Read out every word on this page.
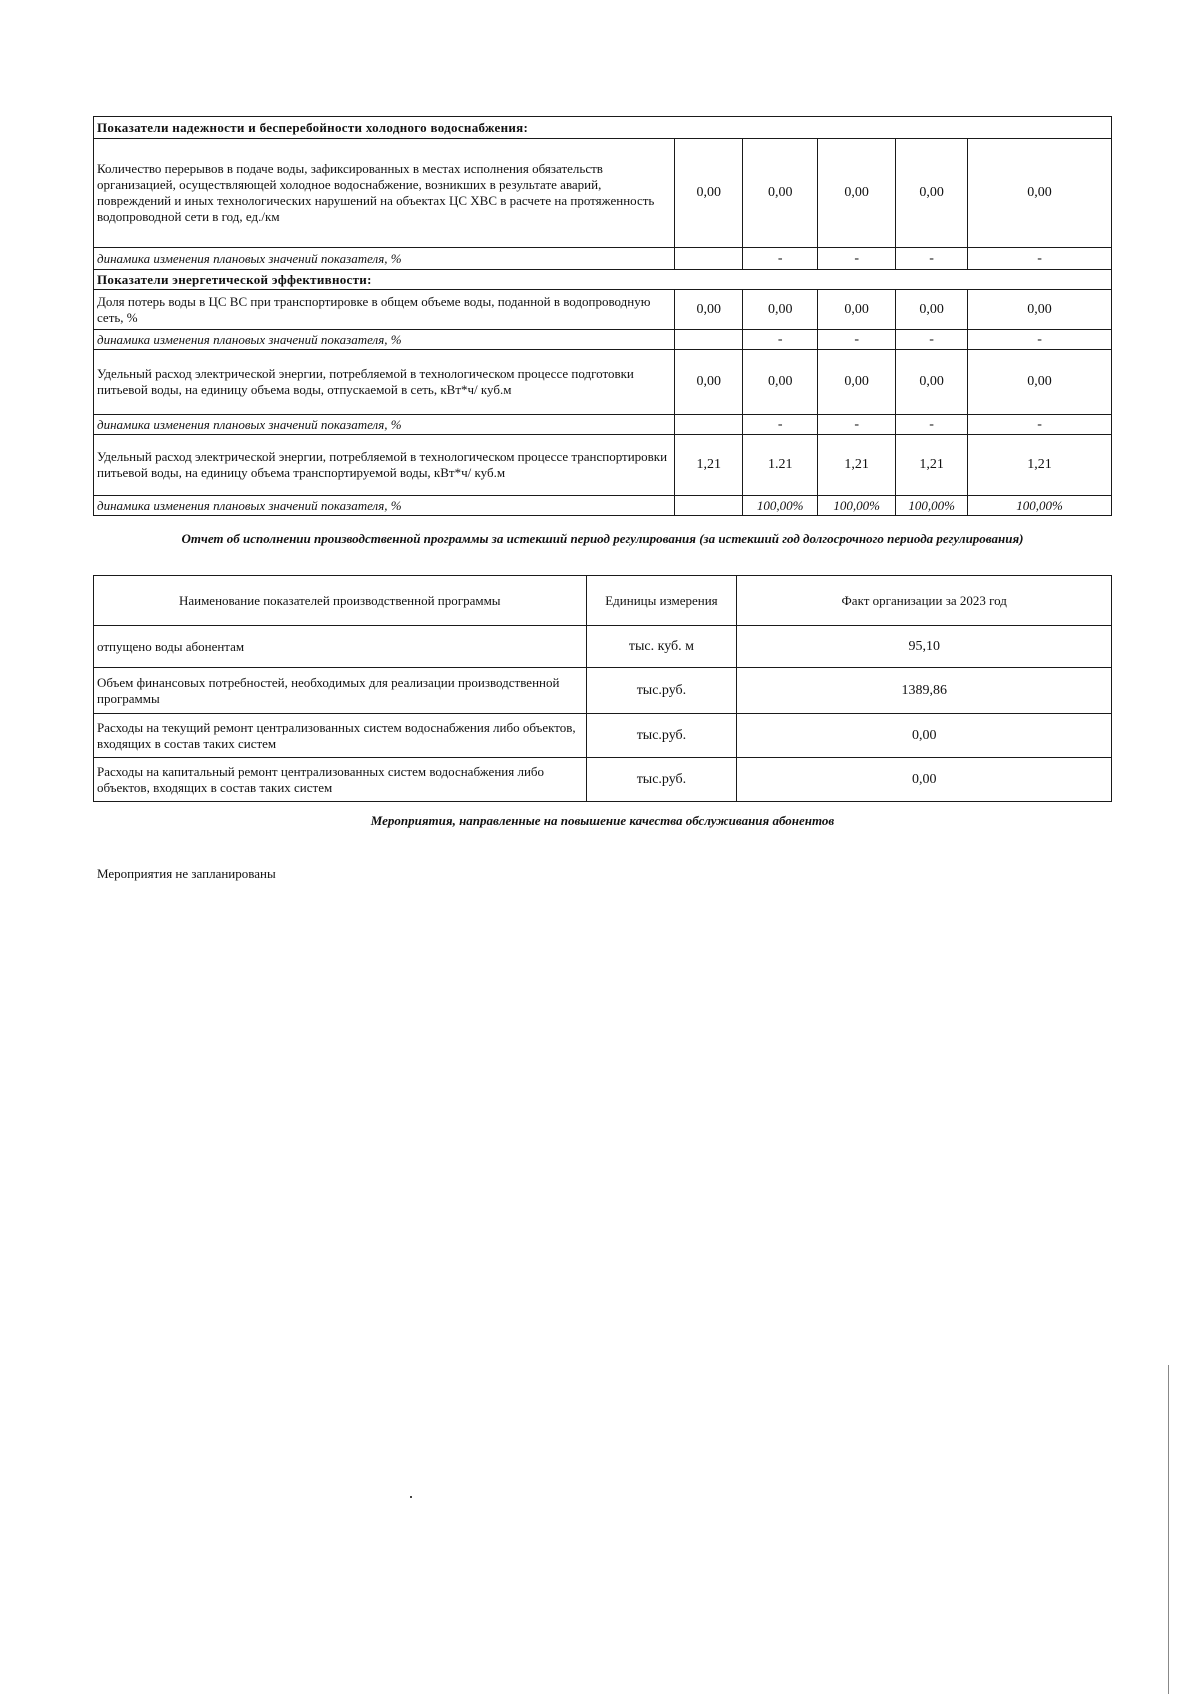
Показатели надежности и бесперебойности холодного водоснабжения:					
Количество перерывов в подаче воды, зафиксированных в местах исполнения обязательств организацией, осуществляющей холодное водоснабжение, возникших в результате аварий, повреждений и иных технологических нарушений на объектах ЦС ХВС в расчете на протяженность водопроводной сети в год, ед./км	0,00	0,00	0,00	0,00	0,00
динамика изменения плановых значений показателя, %		-	-	-	-
Показатели энергетической эффективности:					
Доля потерь воды в ЦС ВС при транспортировке в общем объеме воды, поданной в водопроводную сеть, %	0,00	0,00	0,00	0,00	0,00
динамика изменения плановых значений показателя, %		-	-	-	-
Удельный расход электрической энергии, потребляемой в технологическом процессе подготовки питьевой воды, на единицу объема воды, отпускаемой в сеть, кВт*ч/ куб.м	0,00	0,00	0,00	0,00	0,00
динамика изменения плановых значений показателя, %		-	-	-	-
Удельный расход электрической энергии, потребляемой в технологическом процессе транспортировки питьевой воды, на единицу объема транспортируемой воды, кВт*ч/ куб.м	1,21	1.21	1,21	1,21	1,21
динамика изменения плановых значений показателя, %		100,00%	100,00%	100,00%	100,00%
Отчет об исполнении производственной программы за истекший период регулирования (за истекший год долгосрочного периода регулирования)
Наименование показателей производственной программы	Единицы измерения	Факт организации за 2023 год
отпущено воды абонентам	тыс. куб. м	95,10
Объем финансовых потребностей, необходимых для реализации производственной программы	тыс.руб.	1389,86
Расходы на текущий ремонт централизованных систем водоснабжения либо объектов, входящих в состав таких систем	тыс.руб.	0,00
Расходы на капитальный ремонт централизованных систем водоснабжения либо объектов, входящих в состав таких систем	тыс.руб.	0,00
Мероприятия, направленные на повышение качества обслуживания абонентов
Мероприятия не запланированы
